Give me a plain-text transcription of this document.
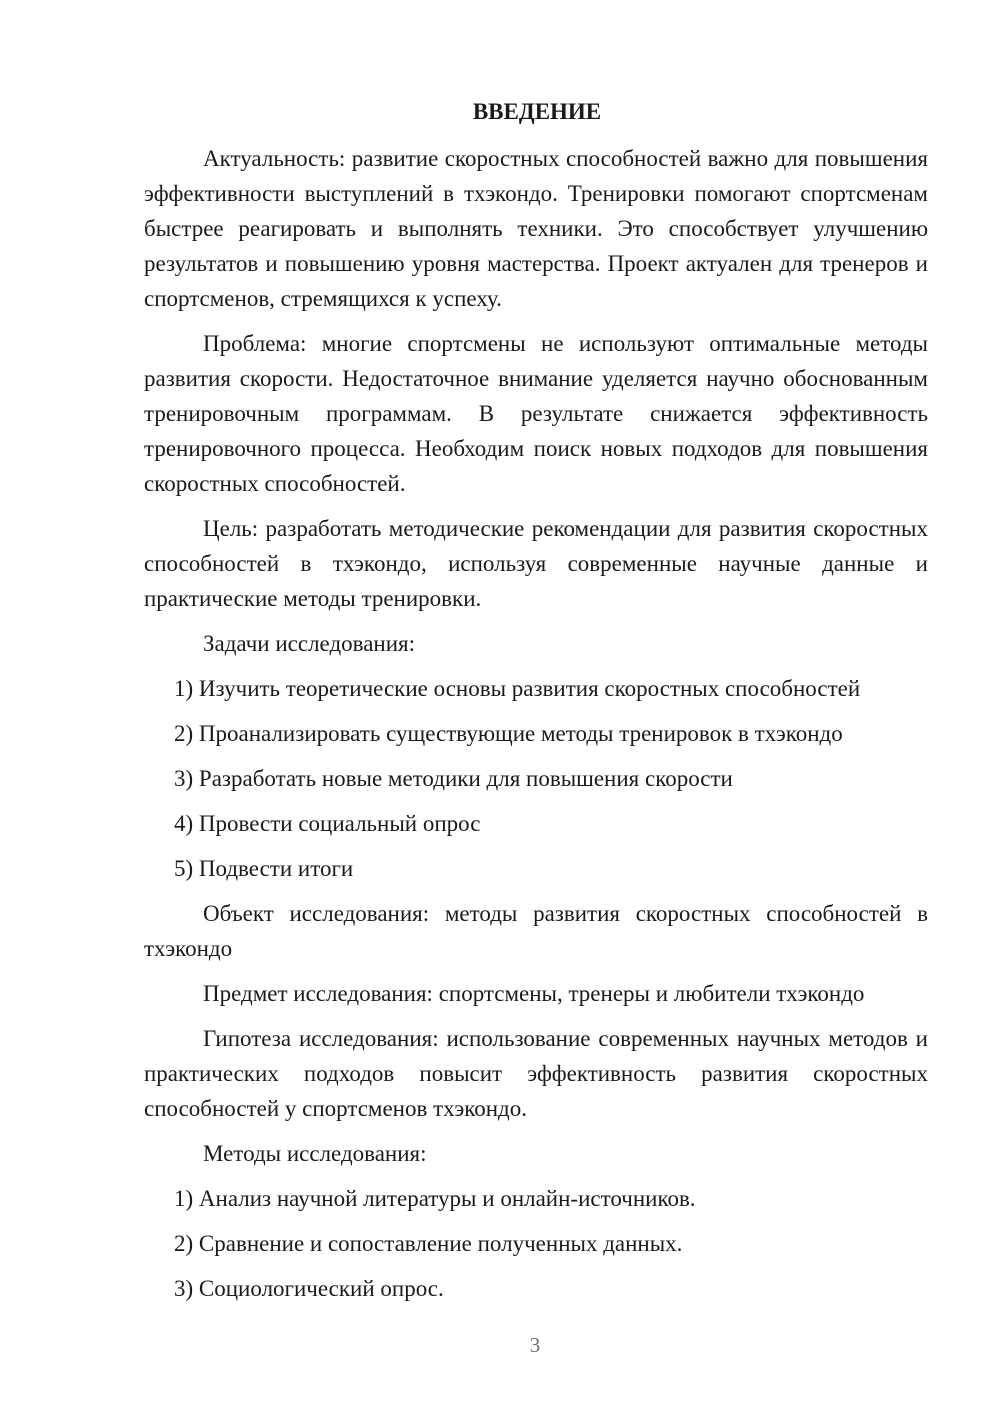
ВВЕДЕНИЕ

Актуальность: развитие скоростных способностей важно для повышения эффективности выступлений в тхэкондо. Тренировки помогают спортсменам быстрее реагировать и выполнять техники. Это способствует улучшению результатов и повышению уровня мастерства. Проект актуален для тренеров и спортсменов, стремящихся к успеху.

Проблема: многие спортсмены не используют оптимальные методы развития скорости. Недостаточное внимание уделяется научно обоснованным тренировочным программам. В результате снижается эффективность тренировочного процесса. Необходим поиск новых подходов для повышения скоростных способностей.

Цель: разработать методические рекомендации для развития скоростных способностей в тхэкондо, используя современные научные данные и практические методы тренировки.

Задачи исследования:

1) Изучить теоретические основы развития скоростных способностей

2) Проанализировать существующие методы тренировок в тхэкондо

3) Разработать новые методики для повышения скорости

4) Провести социальный опрос

5) Подвести итоги

Объект исследования: методы развития скоростных способностей в тхэкондо

Предмет исследования: спортсмены, тренеры и любители тхэкондо

Гипотеза исследования: использование современных научных методов и практических подходов повысит эффективность развития скоростных способностей у спортсменов тхэкондо.

Методы исследования:

1) Анализ научной литературы и онлайн-источников.

2) Сравнение и сопоставление полученных данных.

3) Социологический опрос.

3
